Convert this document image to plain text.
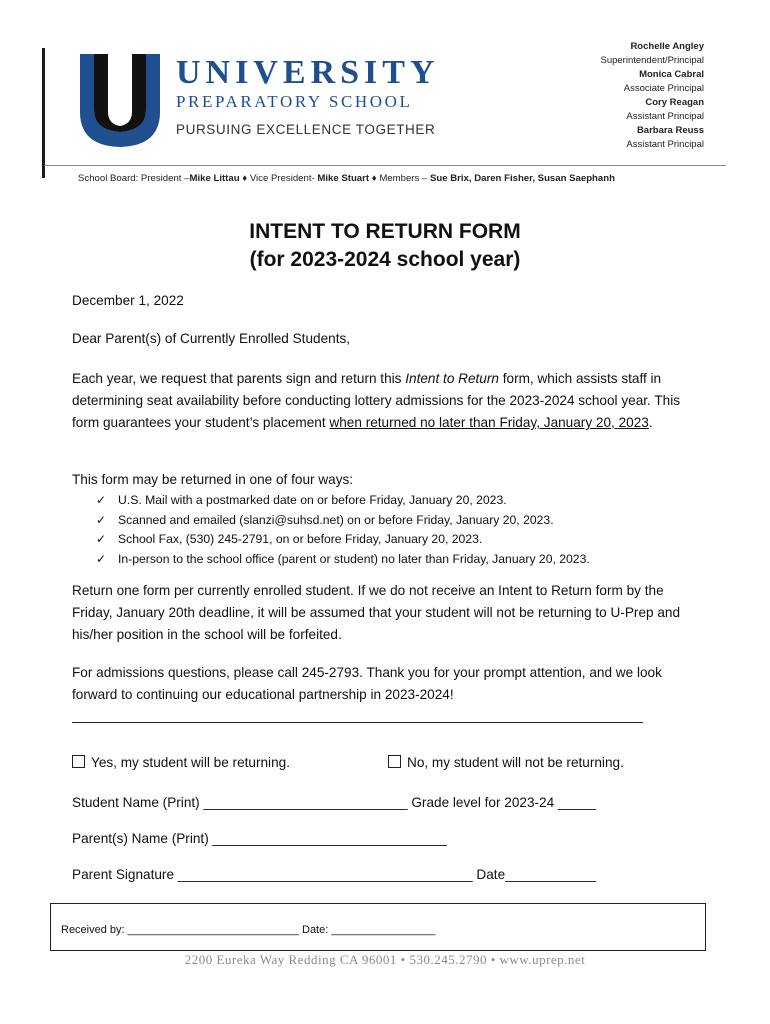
UNIVERSITY
PREPARATORY SCHOOL
PURSUING EXCELLENCE TOGETHER
Rochelle Angley
Superintendent/Principal
Monica Cabral
Associate Principal
Cory Reagan
Assistant Principal
Barbara Reuss
Assistant Principal
School Board: President –Mike Littau ♦ Vice President- Mike Stuart ♦ Members – Sue Brix, Daren Fisher, Susan Saephanh
INTENT TO RETURN FORM
(for 2023-2024 school year)
December 1, 2022
Dear Parent(s) of Currently Enrolled Students,
Each year, we request that parents sign and return this Intent to Return form, which assists staff in determining seat availability before conducting lottery admissions for the 2023-2024 school year. This form guarantees your student’s placement when returned no later than Friday, January 20, 2023.
This form may be returned in one of four ways:
✓ U.S. Mail with a postmarked date on or before Friday, January 20, 2023.
✓ Scanned and emailed (slanzi@suhsd.net) on or before Friday, January 20, 2023.
✓ School Fax, (530) 245-2791, on or before Friday, January 20, 2023.
✓ In-person to the school office (parent or student) no later than Friday, January 20, 2023.
Return one form per currently enrolled student. If we do not receive an Intent to Return form by the Friday, January 20th deadline, it will be assumed that your student will not be returning to U-Prep and his/her position in the school will be forfeited.
For admissions questions, please call 245-2793. Thank you for your prompt attention, and we look forward to continuing our educational partnership in 2023-2024!
Yes, my student will be returning.	No, my student will not be returning.
Student Name (Print) ___________________________ Grade level for 2023-24 _____
Parent(s) Name (Print) _______________________________
Parent Signature _______________________________________ Date____________
Received by: ____________________________ Date: _________________
2200 Eureka Way Redding CA 96001 • 530.245.2790 • www.uprep.net
